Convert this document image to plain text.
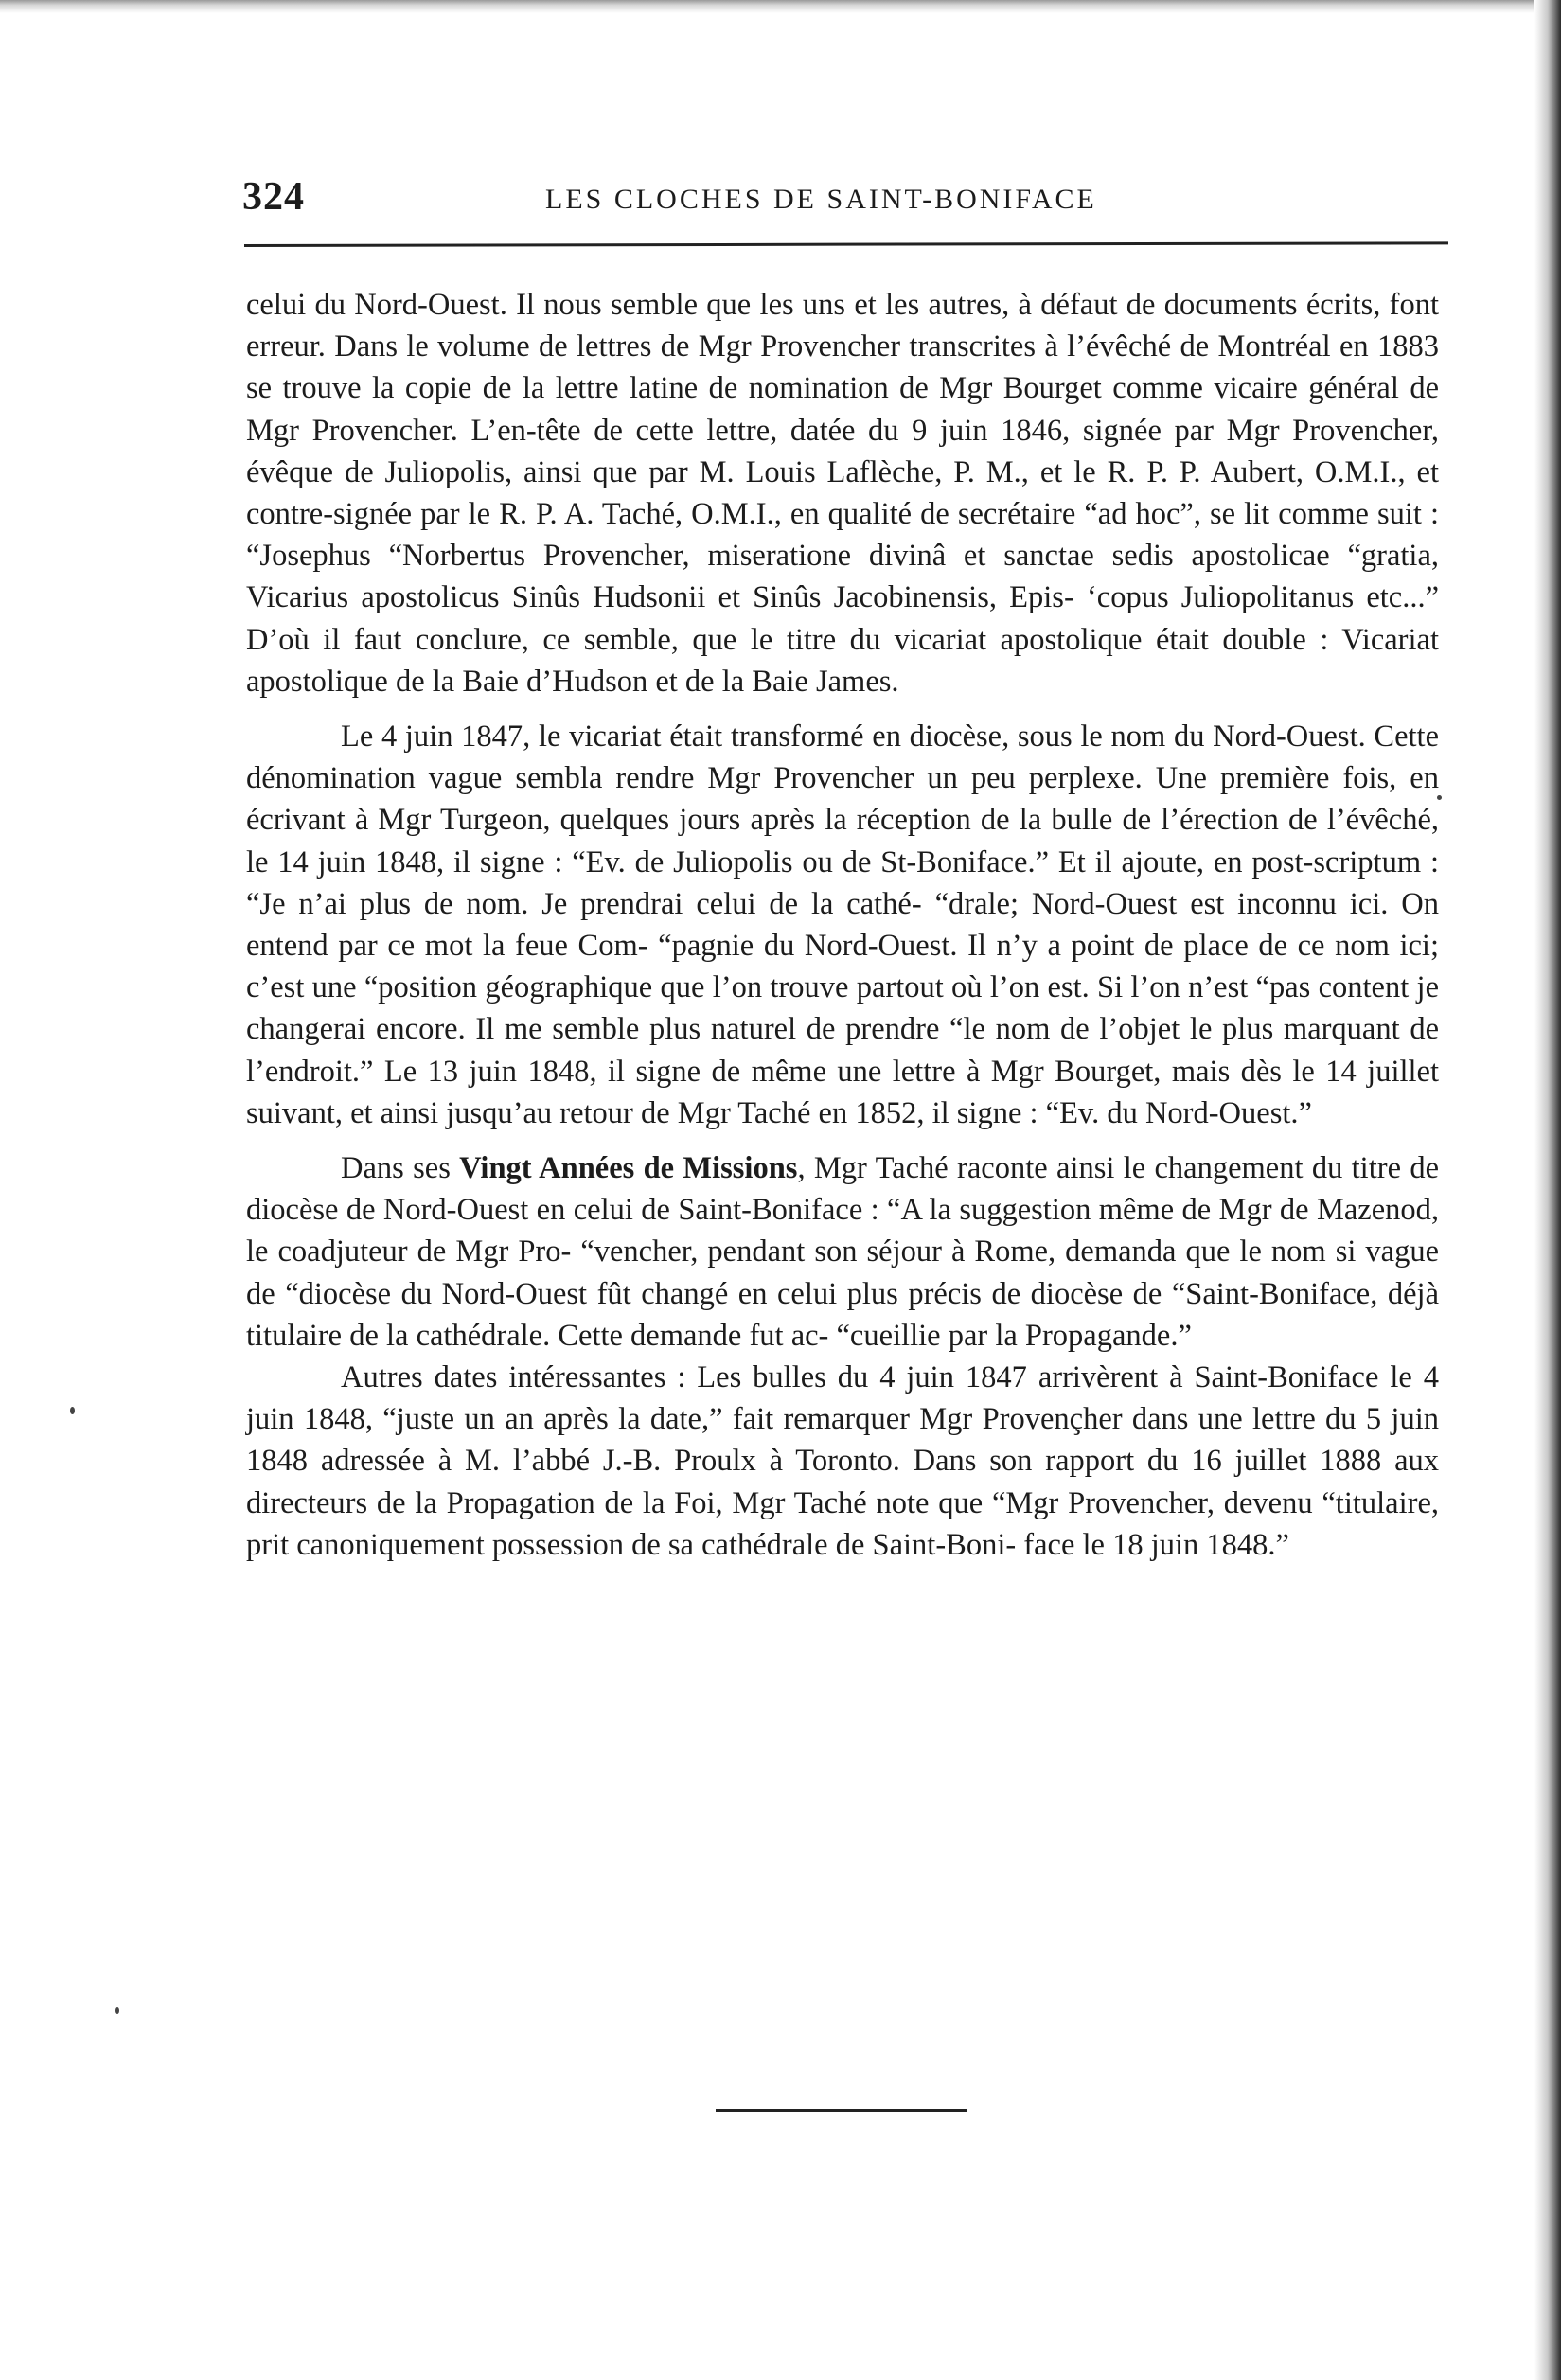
324	LES CLOCHES DE SAINT-BONIFACE

celui du Nord-Ouest. Il nous semble que les uns et les autres, à défaut de documents écrits, font erreur. Dans le volume de lettres de Mgr Provencher transcrites à l’évêché de Montréal en 1883 se trouve la copie de la lettre latine de nomination de Mgr Bourget comme vicaire général de Mgr Provencher. L’en-tête de cette lettre, datée du 9 juin 1846, signée par Mgr Provencher, évêque de Juliopolis, ainsi que par M. Louis Laflèche, P. M., et le R. P. P. Aubert, O.M.I., et contre-signée par le R. P. A. Taché, O.M.I., en qualité de secrétaire “ad hoc”, se lit comme suit : “Josephus “Norbertus Provencher, miseratione divinâ et sanctae sedis apostolicae “gratia, Vicarius apostolicus Sinûs Hudsonii et Sinûs Jacobinensis, Epis‑ ‘copus Juliopolitanus etc...” D’où il faut conclure, ce semble, que le titre du vicariat apostolique était double : Vicariat apostolique de la Baie d’Hudson et de la Baie James.

Le 4 juin 1847, le vicariat était transformé en diocèse, sous le nom du Nord-Ouest. Cette dénomination vague sembla rendre Mgr Provencher un peu perplexe. Une première fois, en écrivant à Mgr Turgeon, quelques jours après la réception de la bulle de l’érection de l’évêché, le 14 juin 1848, il signe : “Ev. de Juliopolis ou de St-Boniface.” Et il ajoute, en post-scriptum : “Je n’ai plus de nom. Je prendrai celui de la cathé‑ “drale; Nord-Ouest est inconnu ici. On entend par ce mot la feue Com‑ “pagnie du Nord-Ouest. Il n’y a point de place de ce nom ici; c’est une “position géographique que l’on trouve partout où l’on est. Si l’on n’est “pas content je changerai encore. Il me semble plus naturel de prendre “le nom de l’objet le plus marquant de l’endroit.” Le 13 juin 1848, il signe de même une lettre à Mgr Bourget, mais dès le 14 juillet suivant, et ainsi jusqu’au retour de Mgr Taché en 1852, il signe : “Ev. du Nord-Ouest.”

Dans ses Vingt Années de Missions, Mgr Taché raconte ainsi le changement du titre de diocèse de Nord-Ouest en celui de Saint-Boniface : “A la suggestion même de Mgr de Mazenod, le coadjuteur de Mgr Pro‑ “vencher, pendant son séjour à Rome, demanda que le nom si vague de “diocèse du Nord-Ouest fût changé en celui plus précis de diocèse de “Saint-Boniface, déjà titulaire de la cathédrale. Cette demande fut ac‑ “cueillie par la Propagande.”

Autres dates intéressantes : Les bulles du 4 juin 1847 arrivèrent à Saint-Boniface le 4 juin 1848, “juste un an après la date,” fait remarquer Mgr Provençher dans une lettre du 5 juin 1848 adressée à M. l’abbé J.-B. Proulx à Toronto. Dans son rapport du 16 juillet 1888 aux directeurs de la Propagation de la Foi, Mgr Taché note que “Mgr Provencher, devenu “titulaire, prit canoniquement possession de sa cathédrale de Saint-Boni‑ face le 18 juin 1848.”
